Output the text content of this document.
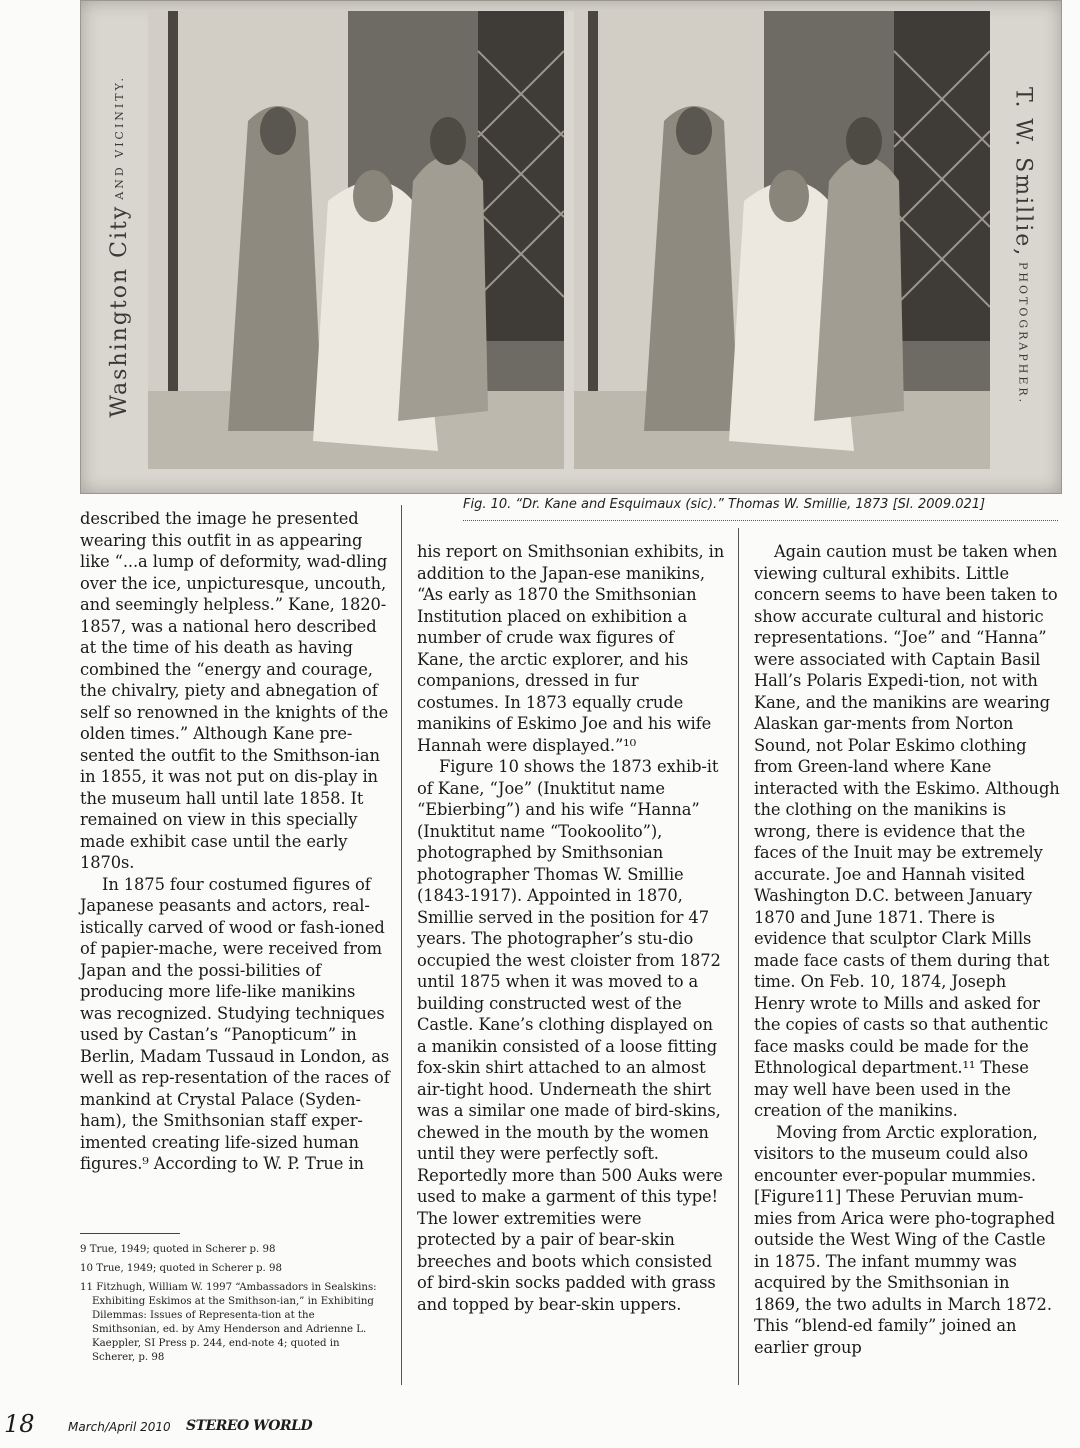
Washington City AND VICINITY.	T. W. Smillie, PHOTOGRAPHER.
Fig. 10. “Dr. Kane and Esquimaux (sic).” Thomas W. Smillie, 1873 [SI. 2009.021]

described the image he presented wearing this outfit in as appearing like “...a lump of deformity, wad-dling over the ice, unpicturesque, uncouth, and seemingly helpless.” Kane, 1820-1857, was a national hero described at the time of his death as having combined the “energy and courage, the chivalry, piety and abnegation of self so renowned in the knights of the olden times.” Although Kane pre-sented the outfit to the Smithson-ian in 1855, it was not put on dis-play in the museum hall until late 1858. It remained on view in this specially made exhibit case until the early 1870s.

In 1875 four costumed figures of Japanese peasants and actors, real-istically carved of wood or fash-ioned of papier-mache, were received from Japan and the possi-bilities of producing more life-like manikins was recognized. Studying techniques used by Castan’s “Panopticum” in Berlin, Madam Tussaud in London, as well as rep-resentation of the races of mankind at Crystal Palace (Syden-ham), the Smithsonian staff exper-imented creating life-sized human figures.⁹ According to W. P. True in

his report on Smithsonian exhibits, in addition to the Japan-ese manikins, “As early as 1870 the Smithsonian Institution placed on exhibition a number of crude wax figures of Kane, the arctic explorer, and his companions, dressed in fur costumes. In 1873 equally crude manikins of Eskimo Joe and his wife Hannah were displayed.”¹⁰

Figure 10 shows the 1873 exhib-it of Kane, “Joe” (Inuktitut name “Ebierbing”) and his wife “Hanna” (Inuktitut name “Tookoolito”), photographed by Smithsonian photographer Thomas W. Smillie (1843-1917). Appointed in 1870, Smillie served in the position for 47 years. The photographer’s stu-dio occupied the west cloister from 1872 until 1875 when it was moved to a building constructed west of the Castle. Kane’s clothing displayed on a manikin consisted of a loose fitting fox-skin shirt attached to an almost air-tight hood. Underneath the shirt was a similar one made of bird-skins, chewed in the mouth by the women until they were perfectly soft. Reportedly more than 500 Auks were used to make a garment of this type! The lower extremities were protected by a pair of bear-skin breeches and boots which consisted of bird-skin socks padded with grass and topped by bear-skin uppers.

Again caution must be taken when viewing cultural exhibits. Little concern seems to have been taken to show accurate cultural and historic representations. “Joe” and “Hanna” were associated with Captain Basil Hall’s Polaris Expedi-tion, not with Kane, and the manikins are wearing Alaskan gar-ments from Norton Sound, not Polar Eskimo clothing from Green-land where Kane interacted with the Eskimo. Although the clothing on the manikins is wrong, there is evidence that the faces of the Inuit may be extremely accurate. Joe and Hannah visited Washington D.C. between January 1870 and June 1871. There is evidence that sculptor Clark Mills made face casts of them during that time. On Feb. 10, 1874, Joseph Henry wrote to Mills and asked for the copies of casts so that authentic face masks could be made for the Ethnological department.¹¹ These may well have been used in the creation of the manikins.

Moving from Arctic exploration, visitors to the museum could also encounter ever-popular mummies. [Figure11] These Peruvian mum-mies from Arica were pho-tographed outside the West Wing of the Castle in 1875. The infant mummy was acquired by the Smithsonian in 1869, the two adults in March 1872. This “blend-ed family” joined an earlier group

9 True, 1949; quoted in Scherer p. 98

10 True, 1949; quoted in Scherer p. 98

11 Fitzhugh, William W. 1997 “Ambassadors in Sealskins: Exhibiting Eskimos at the Smithson-ian,” in Exhibiting Dilemmas: Issues of Representa-tion at the Smithsonian, ed. by Amy Henderson and Adrienne L. Kaeppler, SI Press p. 244, end-note 4; quoted in Scherer, p. 98

18	March/April 2010 STEREO WORLD
